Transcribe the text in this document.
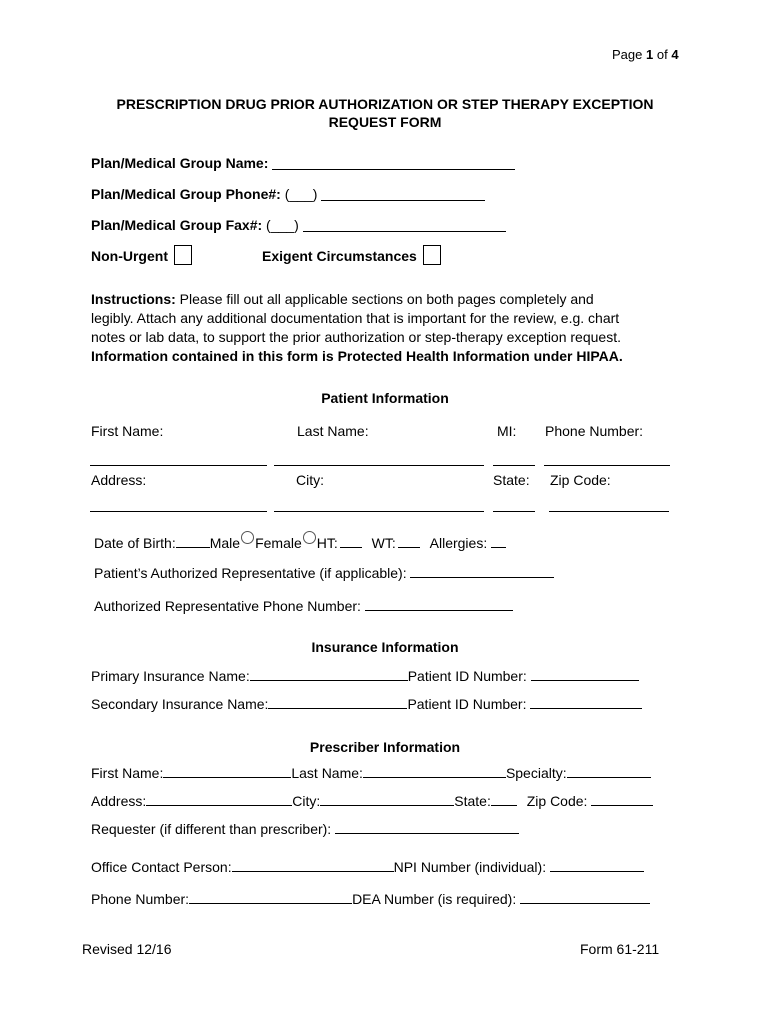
Page 1 of 4
PRESCRIPTION DRUG PRIOR AUTHORIZATION OR STEP THERAPY EXCEPTION
REQUEST FORM
Plan/Medical Group Name:
Plan/Medical Group Phone#: (___)
Plan/Medical Group Fax#: (___)
Non-Urgent	Exigent Circumstances
Instructions: Please fill out all applicable sections on both pages completely and
legibly. Attach any additional documentation that is important for the review, e.g. chart
notes or lab data, to support the prior authorization or step-therapy exception request.
Information contained in this form is Protected Health Information under HIPAA.
Patient Information
First Name:	Last Name:	MI: Phone Number:
Address:	City:	State: Zip Code:
Date of Birth: Male Female HT: WT: Allergies:
Patient’s Authorized Representative (if applicable):
Authorized Representative Phone Number:
Insurance Information
Primary Insurance Name:	Patient ID Number:
Secondary Insurance Name:	Patient ID Number:
Prescriber Information
First Name:	Last Name:	Specialty:
Address:	City:	State:	Zip Code:
Requester (if different than prescriber):
Office Contact Person:	NPI Number (individual):
Phone Number:	DEA Number (is required):
Revised 12/16	Form 61-211
